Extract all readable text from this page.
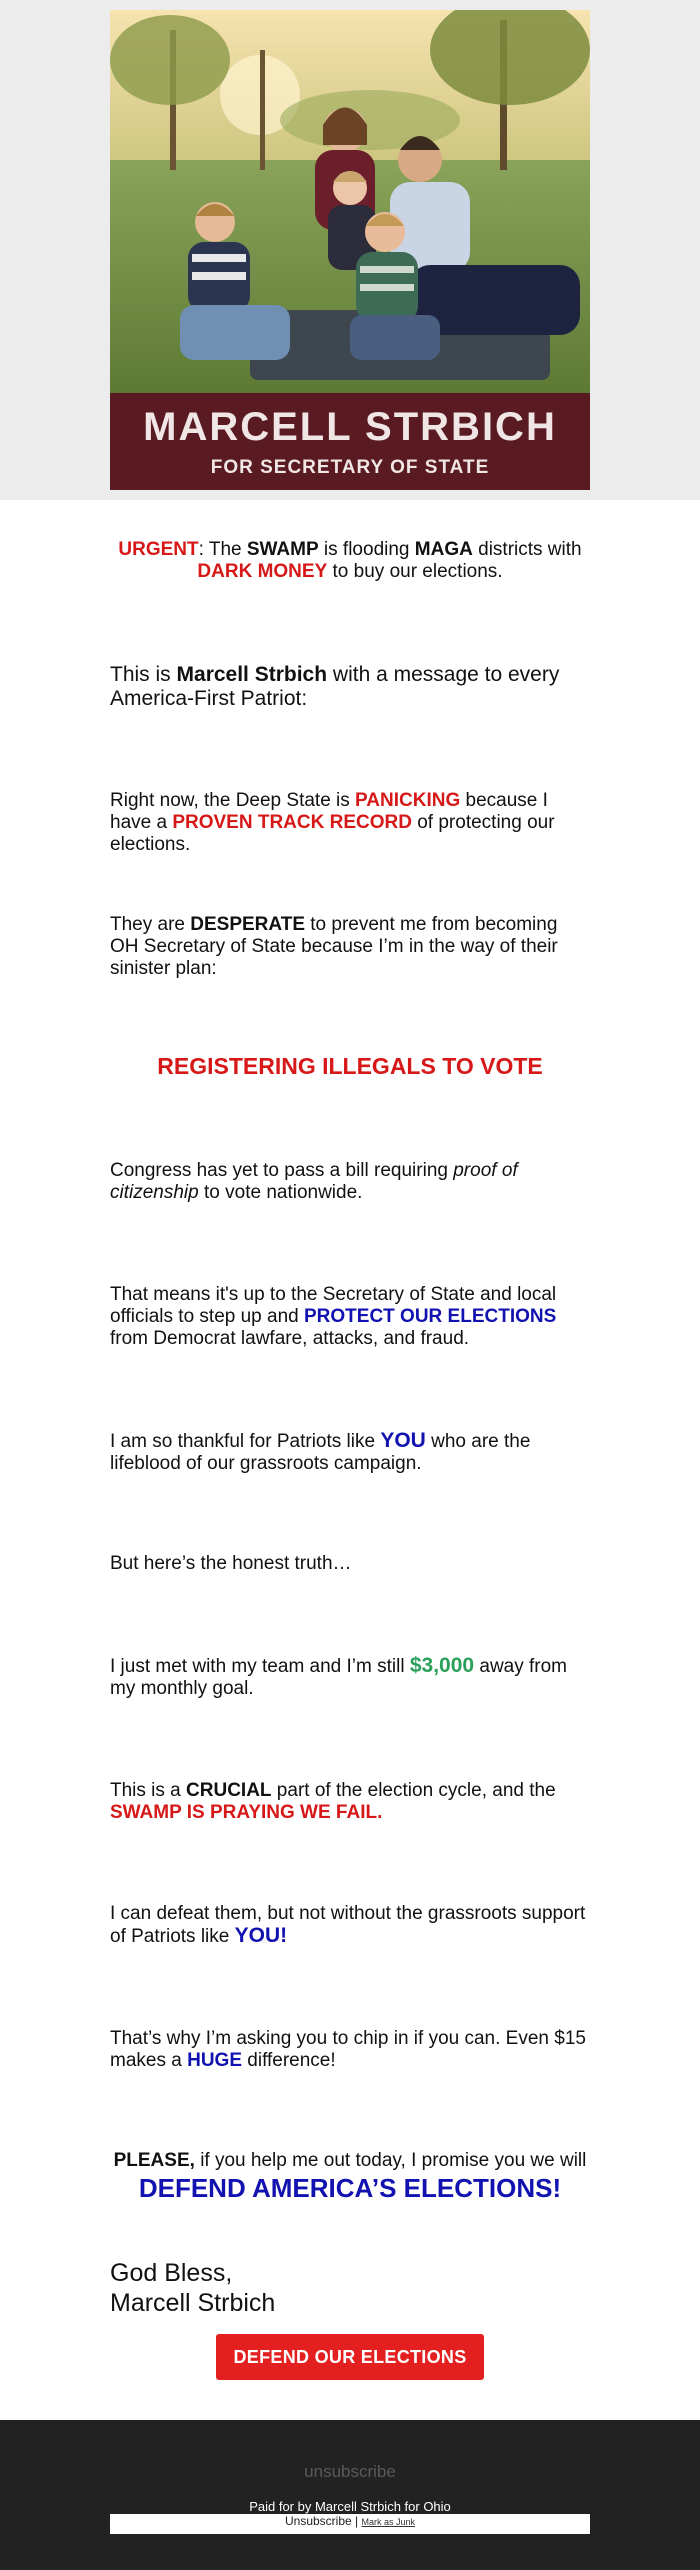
MARCELL STRBICH
FOR SECRETARY OF STATE

URGENT: The SWAMP is flooding MAGA districts with DARK MONEY to buy our elections.

This is Marcell Strbich with a message to every America-First Patriot:

Right now, the Deep State is PANICKING because I have a PROVEN TRACK RECORD of protecting our elections.

They are DESPERATE to prevent me from becoming OH Secretary of State because I’m in the way of their sinister plan:

REGISTERING ILLEGALS TO VOTE

Congress has yet to pass a bill requiring proof of citizenship to vote nationwide.

That means it's up to the Secretary of State and local officials to step up and PROTECT OUR ELECTIONS from Democrat lawfare, attacks, and fraud.

I am so thankful for Patriots like YOU who are the lifeblood of our grassroots campaign.

But here’s the honest truth…

I just met with my team and I’m still $3,000 away from my monthly goal.

This is a CRUCIAL part of the election cycle, and the SWAMP IS PRAYING WE FAIL.

I can defeat them, but not without the grassroots support of Patriots like YOU!

That’s why I’m asking you to chip in if you can. Even $15 makes a HUGE difference!

PLEASE, if you help me out today, I promise you we will
DEFEND AMERICA’S ELECTIONS!

God Bless,
Marcell Strbich

DEFEND OUR ELECTIONS
unsubscribe
Paid for by Marcell Strbich for Ohio
Unsubscribe | Mark as Junk
